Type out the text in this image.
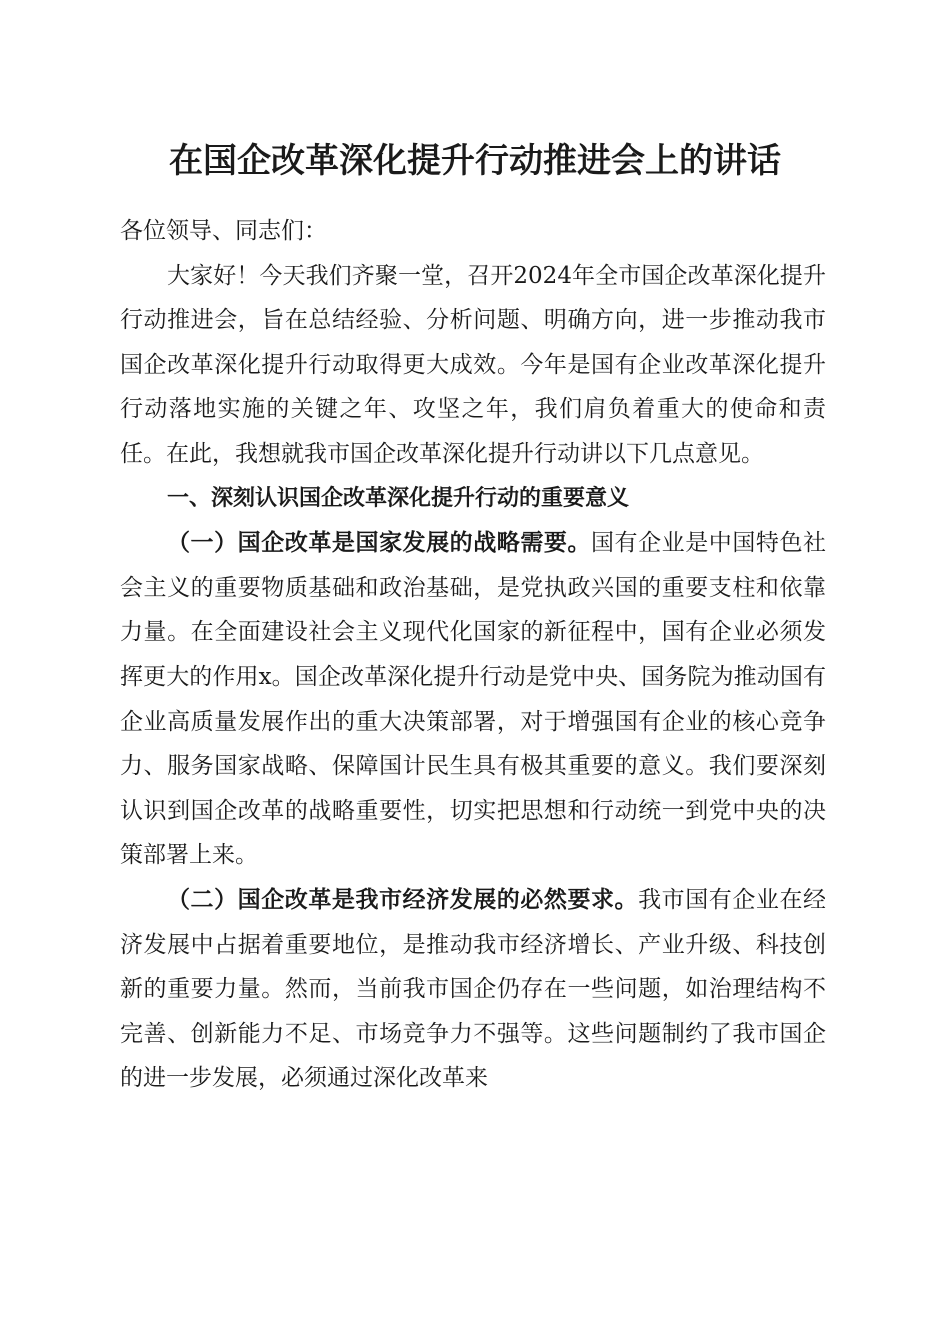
在国企改革深化提升行动推进会上的讲话

各位领导、同志们：

大家好！今天我们齐聚一堂，召开2024年全市国企改革深化提升行动推进会，旨在总结经验、分析问题、明确方向，进一步推动我市国企改革深化提升行动取得更大成效。今年是国有企业改革深化提升行动落地实施的关键之年、攻坚之年，我们肩负着重大的使命和责任。在此，我想就我市国企改革深化提升行动讲以下几点意见。

一、深刻认识国企改革深化提升行动的重要意义

（一）国企改革是国家发展的战略需要。国有企业是中国特色社会主义的重要物质基础和政治基础，是党执政兴国的重要支柱和依靠力量。在全面建设社会主义现代化国家的新征程中，国有企业必须发挥更大的作用x。国企改革深化提升行动是党中央、国务院为推动国有企业高质量发展作出的重大决策部署，对于增强国有企业的核心竞争力、服务国家战略、保障国计民生具有极其重要的意义。我们要深刻认识到国企改革的战略重要性，切实把思想和行动统一到党中央的决策部署上来。

（二）国企改革是我市经济发展的必然要求。我市国有企业在经济发展中占据着重要地位，是推动我市经济增长、产业升级、科技创新的重要力量。然而，当前我市国企仍存在一些问题，如治理结构不完善、创新能力不足、市场竞争力不强等。这些问题制约了我市国企的进一步发展，必须通过深化改革来
